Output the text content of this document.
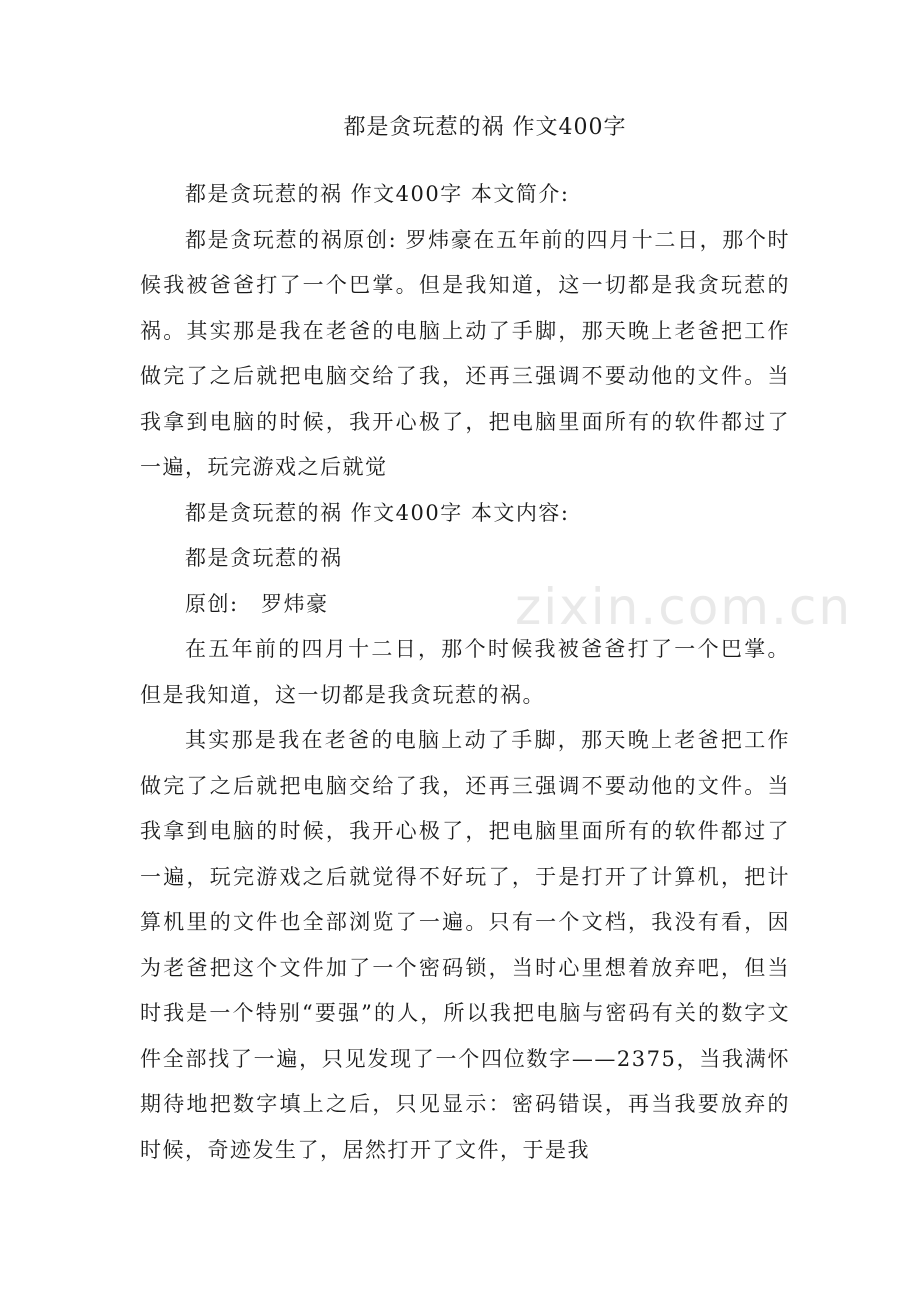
zixin.com.cn
都是贪玩惹的祸 作文400字

都是贪玩惹的祸 作文400字 本文简介:

都是贪玩惹的祸原创: 罗炜豪在五年前的四月十二日，那个时候我被爸爸打了一个巴掌。但是我知道，这一切都是我贪玩惹的祸。其实那是我在老爸的电脑上动了手脚，那天晚上老爸把工作做完了之后就把电脑交给了我，还再三强调不要动他的文件。当我拿到电脑的时候，我开心极了，把电脑里面所有的软件都过了一遍，玩完游戏之后就觉

都是贪玩惹的祸 作文400字 本文内容:

都是贪玩惹的祸

原创:　罗炜豪

在五年前的四月十二日，那个时候我被爸爸打了一个巴掌。但是我知道，这一切都是我贪玩惹的祸。

其实那是我在老爸的电脑上动了手脚，那天晚上老爸把工作做完了之后就把电脑交给了我，还再三强调不要动他的文件。当我拿到电脑的时候，我开心极了，把电脑里面所有的软件都过了一遍，玩完游戏之后就觉得不好玩了，于是打开了计算机，把计算机里的文件也全部浏览了一遍。只有一个文档，我没有看，因为老爸把这个文件加了一个密码锁，当时心里想着放弃吧，但当时我是一个特别“要强”的人，所以我把电脑与密码有关的数字文件全部找了一遍，只见发现了一个四位数字——2375，当我满怀期待地把数字填上之后，只见显示：密码错误，再当我要放弃的时候，奇迹发生了，居然打开了文件，于是我
